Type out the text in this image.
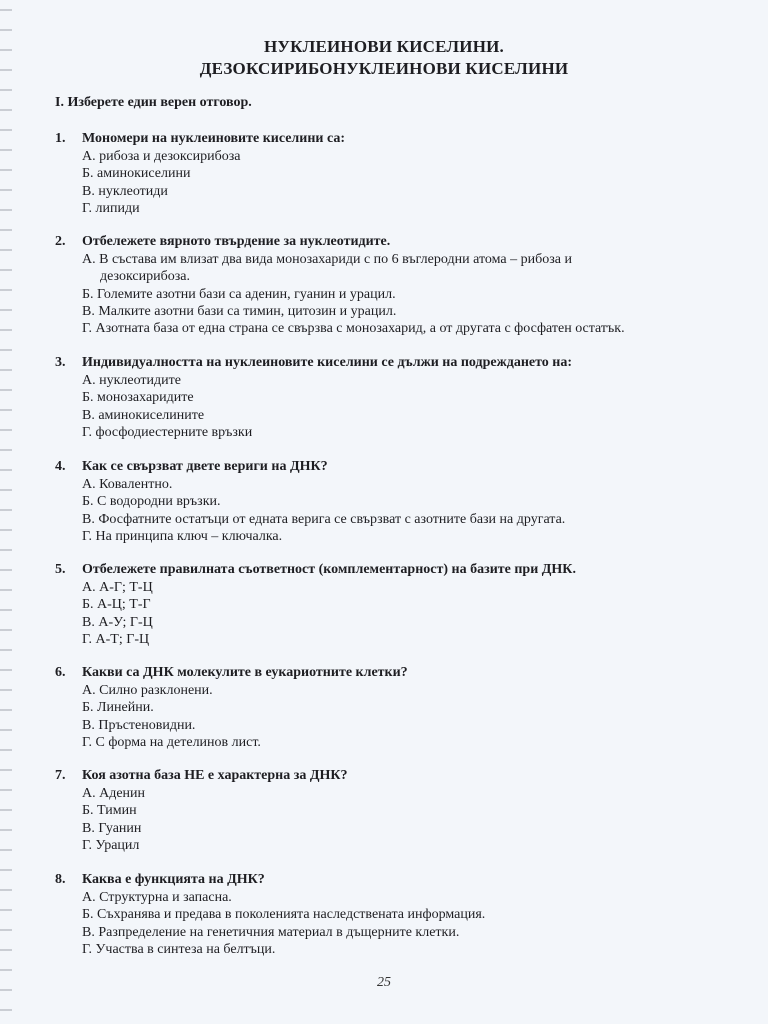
НУКЛЕИНОВИ КИСЕЛИНИ.
ДЕЗОКСИРИБОНУКЛЕИНОВИ КИСЕЛИНИ

I. Изберете един верен отговор.

1. Мономери на нуклеиновите киселини са:
А. рибоза и дезоксирибоза
Б. аминокиселини
В. нуклеотиди
Г. липиди
2. Отбележете вярното твърдение за нуклеотидите.
А. В състава им влизат два вида монозахариди с по 6 въглеродни атома – рибоза и
дезоксирибоза.
Б. Големите азотни бази са аденин, гуанин и урацил.
В. Малките азотни бази са тимин, цитозин и урацил.
Г. Азотната база от една страна се свързва с монозахарид, а от другата с фосфатен остатък.
3. Индивидуалността на нуклеиновите киселини се дължи на подреждането на:
А. нуклеотидите
Б. монозахаридите
В. аминокиселините
Г. фосфодиестерните връзки
4. Как се свързват двете вериги на ДНК?
А. Ковалентно.
Б. С водородни връзки.
В. Фосфатните остатъци от едната верига се свързват с азотните бази на другата.
Г. На принципа ключ – ключалка.
5. Отбележете правилната съответност (комплементарност) на базите при ДНК.
А. А-Г; Т-Ц
Б. А-Ц; Т-Г
В. А-У; Г-Ц
Г. А-Т; Г-Ц
6. Какви са ДНК молекулите в еукариотните клетки?
А. Силно разклонени.
Б. Линейни.
В. Пръстеновидни.
Г. С форма на детелинов лист.
7. Коя азотна база НЕ е характерна за ДНК?
А. Аденин
Б. Тимин
В. Гуанин
Г. Урацил
8. Каква е функцията на ДНК?
А. Структурна и запасна.
Б. Съхранява и предава в поколенията наследствената информация.
В. Разпределение на генетичния материал в дъщерните клетки.
Г. Участва в синтеза на белтъци.
25
